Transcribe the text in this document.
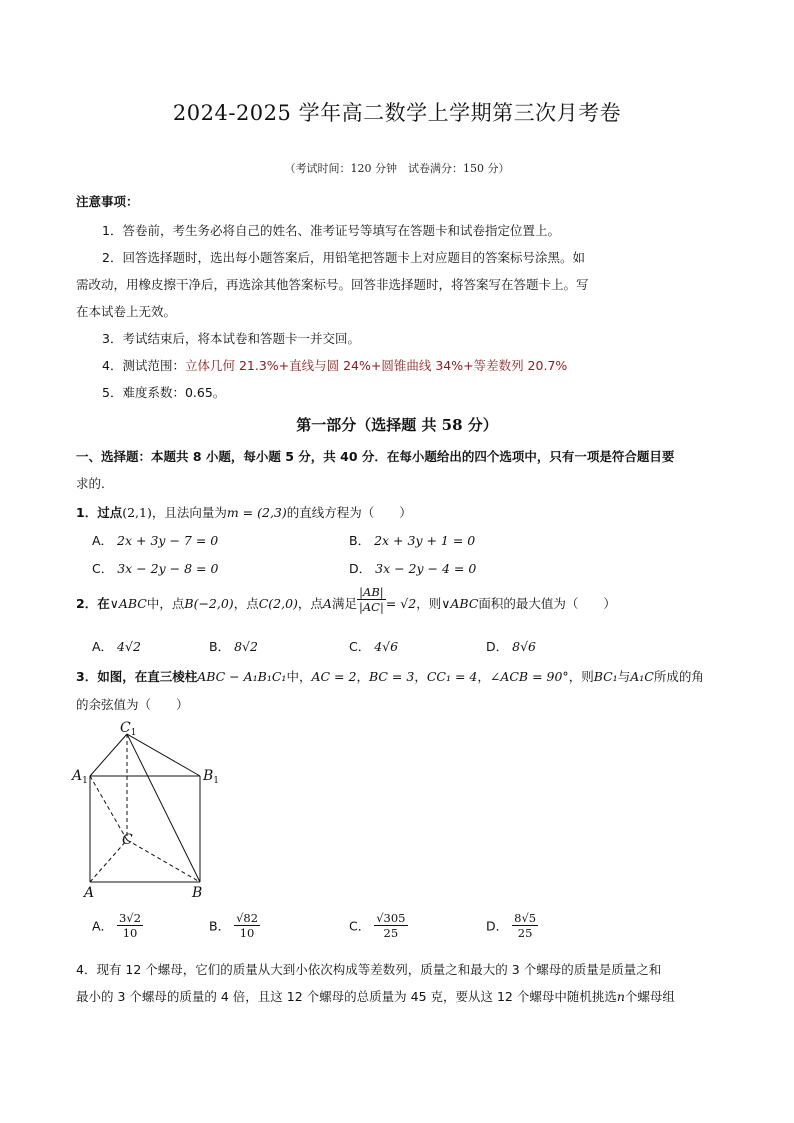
2024-2025 学年高二数学上学期第三次月考卷
（考试时间：120 分钟　试卷满分：150 分）
注意事项：
1．答卷前，考生务必将自己的姓名、准考证号等填写在答题卡和试卷指定位置上。
2．回答选择题时，选出每小题答案后，用铅笔把答题卡上对应题目的答案标号涂黑。如
需改动，用橡皮擦干净后，再选涂其他答案标号。回答非选择题时，将答案写在答题卡上。写
在本试卷上无效。
3．考试结束后，将本试卷和答题卡一并交回。
4．测试范围：立体几何 21.3%+直线与圆 24%+圆锥曲线 34%+等差数列 20.7%
5．难度系数：0.65。
第一部分（选择题 共 58 分）
一、选择题：本题共 8 小题，每小题 5 分，共 40 分．在每小题给出的四个选项中，只有一项是符合题目要
求的.
1．过点(2,1)，且法向量为m = (2,3)的直线方程为（　　）
A． 2x + 3y − 7 = 0	B． 2x + 3y + 1 = 0
C． 3x − 2y − 8 = 0	D． 3x − 2y − 4 = 0
2．在∨ABC中，点B(−2,0)，点C(2,0)，点A满足 $\frac{|AB|}{|AC|} = √2$，则∨ABC面积的最大值为（　　）
A． 4√2	B． 8√2	C． 4√6	D． 8√6
3．如图，在直三棱柱ABC − A₁B₁C₁中，AC = 2，BC = 3，CC₁ = 4，∠ACB = 90°，则BC₁与A₁C所成的角
的余弦值为（　　）
$C_1$
$A_1$	$B_1$
C
A	B
A． $\frac{3√2}{10}$	B． $\frac{√82}{10}$	C． $\frac{√305}{25}$	D． $\frac{8√5}{25}$
4．现有 12 个螺母，它们的质量从大到小依次构成等差数列，质量之和最大的 3 个螺母的质量是质量之和
最小的 3 个螺母的质量的 4 倍，且这 12 个螺母的总质量为 45 克，要从这 12 个螺母中随机挑选n个螺母组
